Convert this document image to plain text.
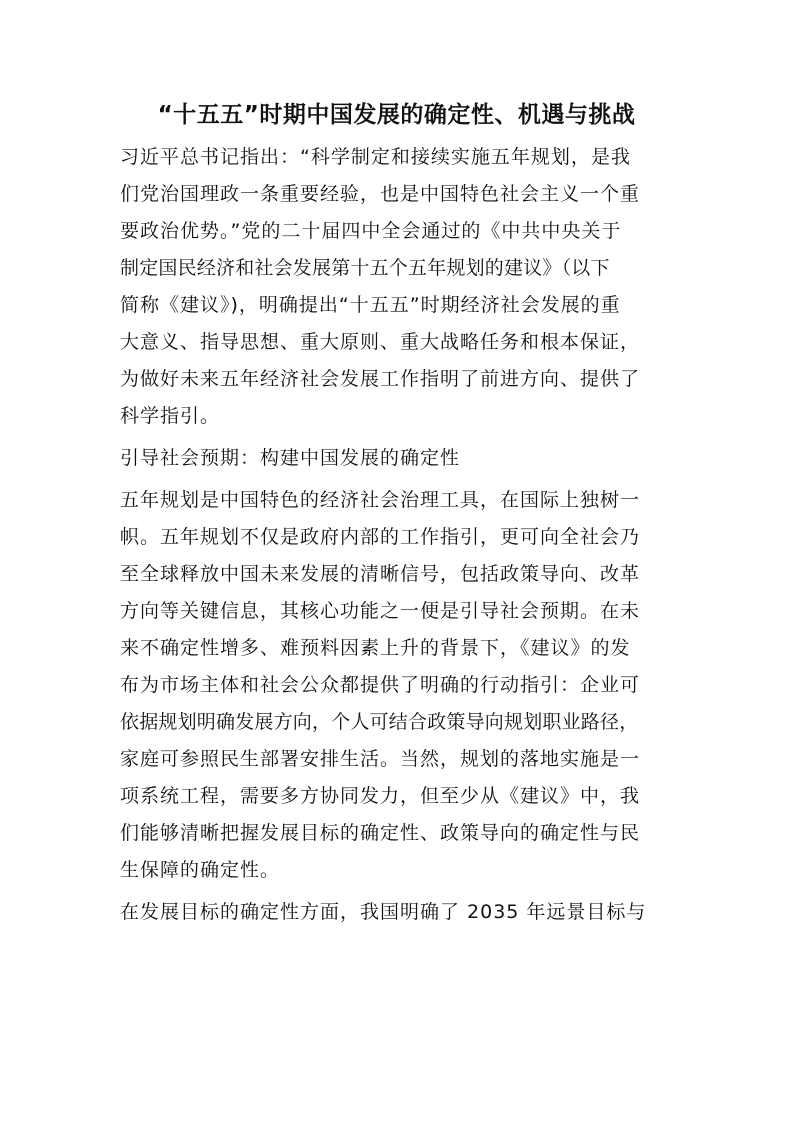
“十五五”时期中国发展的确定性、机遇与挑战
习近平总书记指出：“科学制定和接续实施五年规划，是我
们党治国理政一条重要经验，也是中国特色社会主义一个重
要政治优势。”党的二十届四中全会通过的《中共中央关于
制定国民经济和社会发展第十五个五年规划的建议》（以下
简称《建议》)，明确提出“十五五”时期经济社会发展的重
大意义、指导思想、重大原则、重大战略任务和根本保证，
为做好未来五年经济社会发展工作指明了前进方向、提供了
科学指引。
引导社会预期：构建中国发展的确定性
五年规划是中国特色的经济社会治理工具，在国际上独树一
帜。五年规划不仅是政府内部的工作指引，更可向全社会乃
至全球释放中国未来发展的清晰信号，包括政策导向、改革
方向等关键信息，其核心功能之一便是引导社会预期。在未
来不确定性增多、难预料因素上升的背景下，《建议》的发
布为市场主体和社会公众都提供了明确的行动指引：企业可
依据规划明确发展方向，个人可结合政策导向规划职业路径，
家庭可参照民生部署安排生活。当然，规划的落地实施是一
项系统工程，需要多方协同发力，但至少从《建议》中，我
们能够清晰把握发展目标的确定性、政策导向的确定性与民
生保障的确定性。
在发展目标的确定性方面，我国明确了 2035 年远景目标与
